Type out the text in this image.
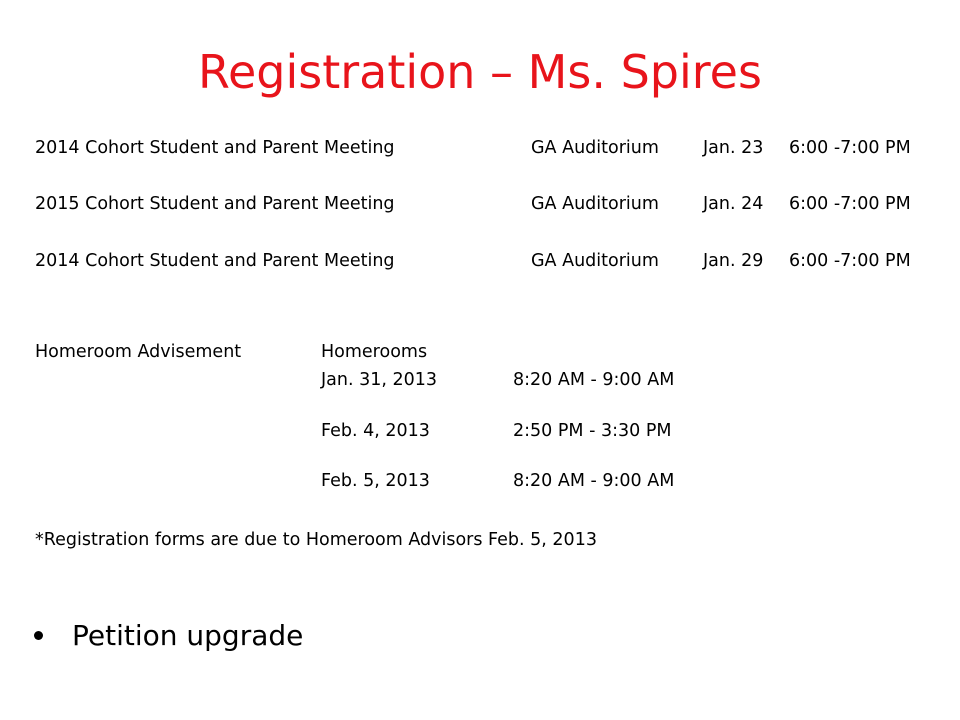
Registration – Ms. Spires
2014 Cohort Student and Parent Meeting	GA Auditorium	Jan. 23 6:00 -7:00 PM
2015 Cohort Student and Parent Meeting	GA Auditorium	Jan. 24 6:00 -7:00 PM
2014 Cohort Student and Parent Meeting	GA Auditorium	Jan. 29 6:00 -7:00 PM
Homeroom Advisement	Homerooms
Jan. 31, 2013	8:20 AM - 9:00 AM
Feb. 4, 2013	2:50 PM - 3:30 PM
Feb. 5, 2013	8:20 AM - 9:00 AM
*Registration forms are due to Homeroom Advisors Feb. 5, 2013
Petition upgrade
